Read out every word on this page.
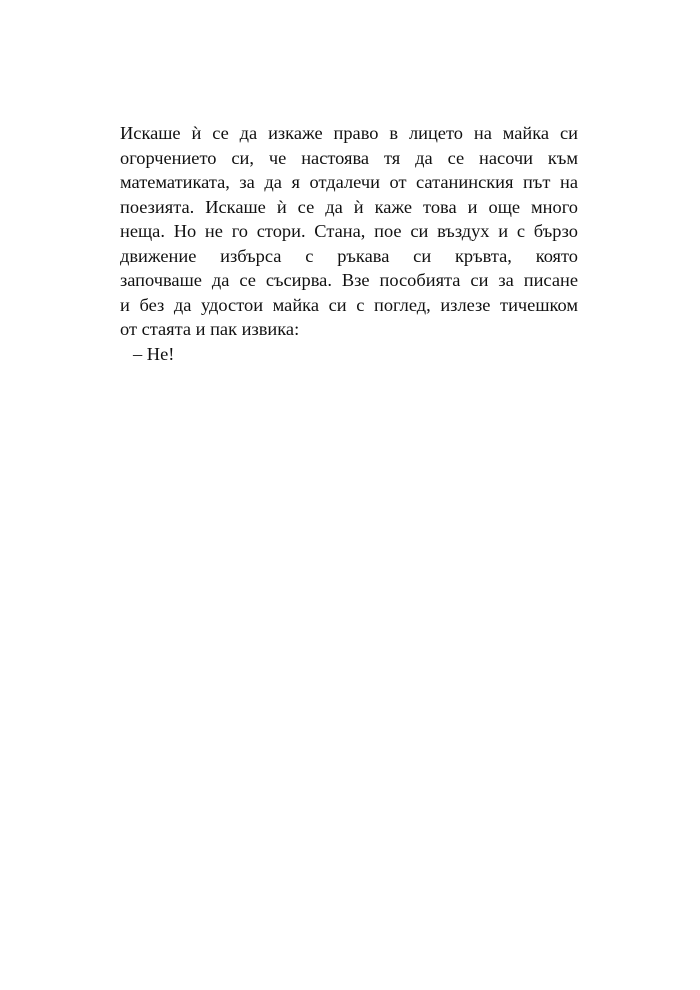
Искаше ѝ се да изкаже право в лицето на майка си
огорчението си, че настоява тя да се насочи към
математиката, за да я отдалечи от сатанинския път на
поезията. Искаше ѝ се да ѝ каже това и още много
неща. Но не го стори. Стана, пое си въздух и с бързо
движение избърса с ръкава си кръвта, която
започваше да се съсирва. Взе пособията си за писане
и без да удостои майка си с поглед, излезе тичешком
от стаята и пак извика:

– Не!
